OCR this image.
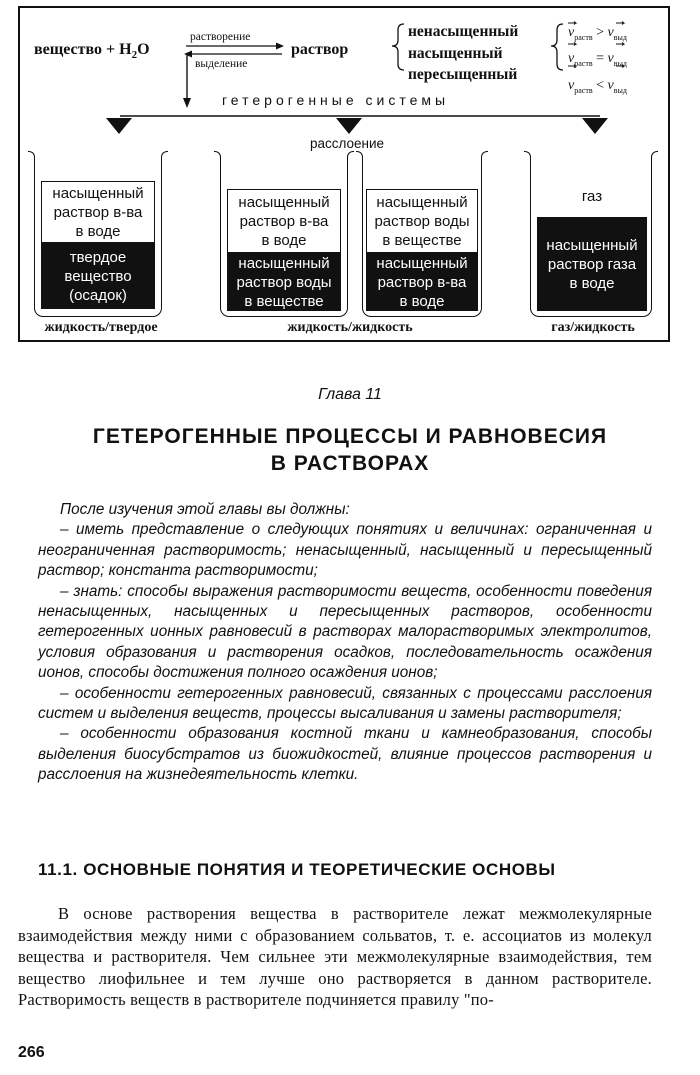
вещество + $H_2O$
растворение
выделение
раствор
ненасыщенный
насыщенный
пересыщенный
$v_{раств} > v_{выд}$
$v_{раств} = v_{выд}$
$v_{раств} < v_{выд}$
гетерогенные системы
расслоение
насыщенный
раствор в-ва
в воде
твердое
вещество
(осадок)
насыщенный
раствор в-ва
в воде
насыщенный
раствор воды
в веществе
насыщенный
раствор воды
в веществе
насыщенный
раствор в-ва
в воде
газ
насыщенный
раствор газа
в воде
жидкость/твердое	жидкость/жидкость	газ/жидкость
Глава 11
ГЕТЕРОГЕННЫЕ ПРОЦЕССЫ И РАВНОВЕСИЯ
В РАСТВОРАХ

После изучения этой главы вы должны:

– иметь представление о следующих понятиях и величинах: ограниченная и неограниченная растворимость; ненасыщенный, насыщенный и пересыщенный раствор; константа растворимости;

– знать: способы выражения растворимости веществ, особенности поведения ненасыщенных, насыщенных и пересыщенных растворов, особенности гетерогенных ионных равновесий в растворах малорастворимых электролитов, условия образования и растворения осадков, последовательность осаждения ионов, способы достижения полного осаждения ионов;

– особенности гетерогенных равновесий, связанных с процессами расслоения систем и выделения веществ, процессы высаливания и замены растворителя;

– особенности образования костной ткани и камнеобразования, способы выделения биосубстратов из биожидкостей, влияние процессов растворения и расслоения на жизнедеятельность клетки.

11.1. ОСНОВНЫЕ ПОНЯТИЯ И ТЕОРЕТИЧЕСКИЕ ОСНОВЫ

В основе растворения вещества в растворителе лежат межмолекулярные взаимодействия между ними с образованием сольватов, т. е. ассоциатов из молекул вещества и растворителя. Чем сильнее эти межмолекулярные взаимодействия, тем вещество лиофильнее и тем лучше оно растворяется в данном растворителе. Растворимость веществ в растворителе подчиняется правилу "по-

266
